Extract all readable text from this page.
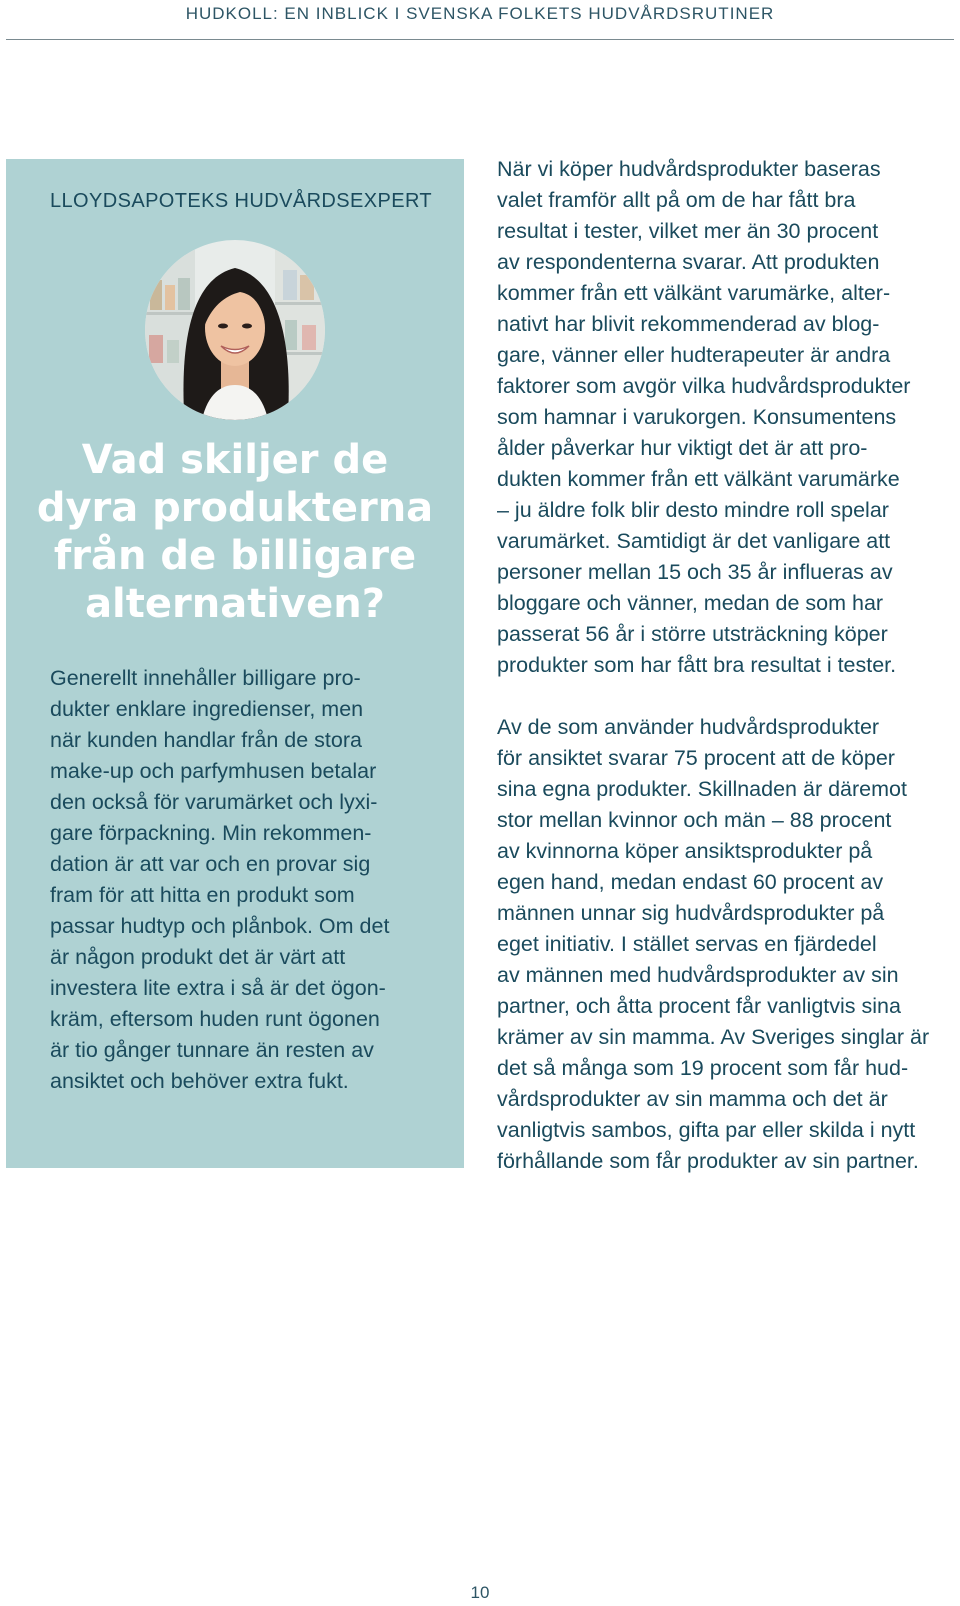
HUDKOLL: EN INBLICK I SVENSKA FOLKETS HUDVÅRDSRUTINER
LLOYDSAPOTEKS HUDVÅRDSEXPERT
Vad skiljer de
dyra produkterna
från de billigare
alternativen?
Generellt innehåller billigare pro-
dukter enklare ingredienser, men
när kunden handlar från de stora
make-up och parfymhusen betalar
den också för varumärket och lyxi-
gare förpackning. Min rekommen-
dation är att var och en provar sig
fram för att hitta en produkt som
passar hudtyp och plånbok. Om det
är någon produkt det är värt att
investera lite extra i så är det ögon-
kräm, eftersom huden runt ögonen
är tio gånger tunnare än resten av
ansiktet och behöver extra fukt.
När vi köper hudvårdsprodukter baseras
valet framför allt på om de har fått bra
resultat i tester, vilket mer än 30 procent
av respondenterna svarar. Att produkten
kommer från ett välkänt varumärke, alter-
nativt har blivit rekommenderad av blog-
gare, vänner eller hudterapeuter är andra
faktorer som avgör vilka hudvårdsprodukter
som hamnar i varukorgen. Konsumentens
ålder påverkar hur viktigt det är att pro-
dukten kommer från ett välkänt varumärke
– ju äldre folk blir desto mindre roll spelar
varumärket. Samtidigt är det vanligare att
personer mellan 15 och 35 år influeras av
bloggare och vänner, medan de som har
passerat 56 år i större utsträckning köper
produkter som har fått bra resultat i tester.
Av de som använder hudvårdsprodukter
för ansiktet svarar 75 procent att de köper
sina egna produkter. Skillnaden är däremot
stor mellan kvinnor och män – 88 procent
av kvinnorna köper ansiktsprodukter på
egen hand, medan endast 60 procent av
männen unnar sig hudvårdsprodukter på
eget initiativ. I stället servas en fjärdedel
av männen med hudvårdsprodukter av sin
partner, och åtta procent får vanligtvis sina
krämer av sin mamma. Av Sveriges singlar är
det så många som 19 procent som får hud-
vårdsprodukter av sin mamma och det är
vanligtvis sambos, gifta par eller skilda i nytt
förhållande som får produkter av sin partner.
10
